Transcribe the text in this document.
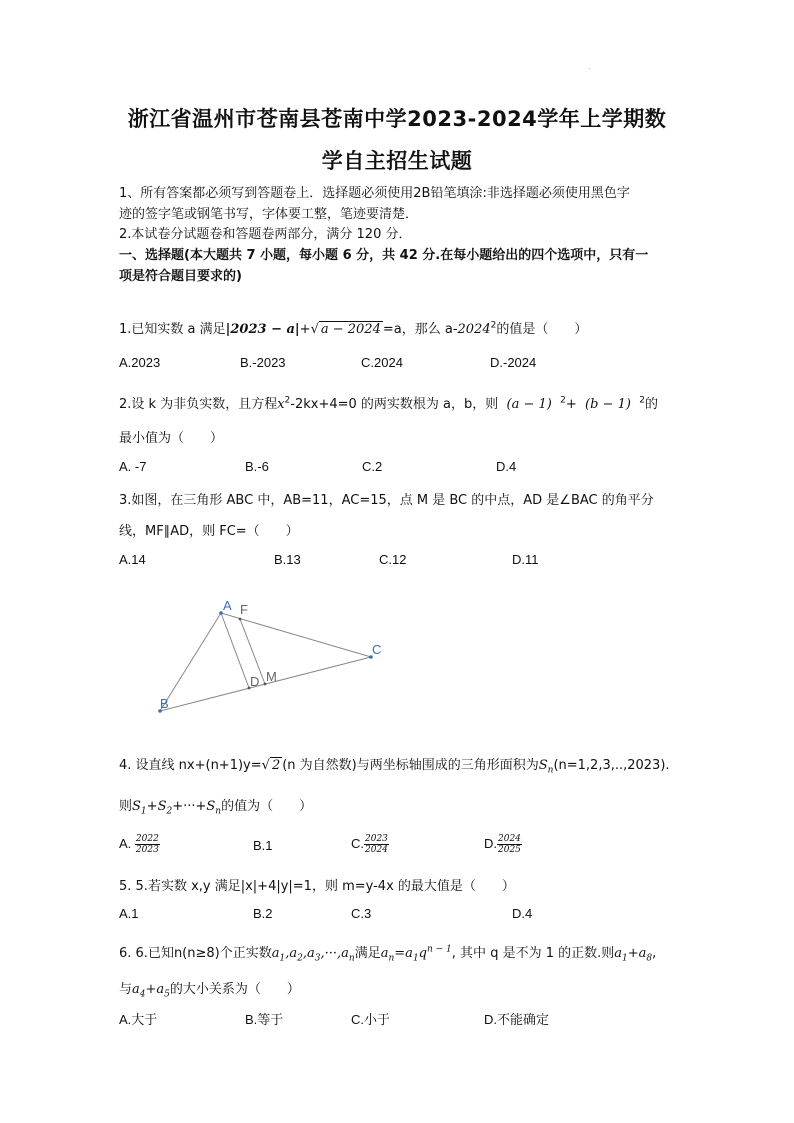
.
浙江省温州市苍南县苍南中学2023-2024学年上学期数
学自主招生试题
1、所有答案都必须写到答题卷上．选择题必须使用2B铅笔填涂:非选择题必须使用黑色字
迹的签字笔或钢笔书写，字体要工整，笔迹要清楚．
2.本试卷分试题卷和答题卷两部分，满分 120 分．
一、选择题(本大题共 7 小题，每小题 6 分，共 42 分.在每小题给出的四个选项中，只有一
项是符合题目要求的)
1.已知实数 a 满足|2023 − a|+√ a − 2024 =a，那么 a-2024$^2$的值是（　　）
A.2023	B.-2023	C.2024	D.-2024
2.设 k 为非负实数，且方程$x^2-2kx+4=0$ 的两实数根为 a，b，则 (a − 1) $^2$+ (b − 1) $^2$的
最小值为（　　）
A. -7	B.-6	C.2	D.4
3.如图，在三角形 ABC 中，AB=11，AC=15，点 M 是 BC 的中点，AD 是∠BAC 的角平分
线，MF∥AD，则 FC=（　　）
A.14	B.13	C.12	D.11
A
B
C
F
D M
4. 设直线 nx+(n+1)y=√ 2 (n 为自然数)与两坐标轴围成的三角形面积为$S_n(n=1,2,3,..,2023)$.
则$S_1+S_2+\cdot\cdot\cdot+S_n$的值为（　　）
A. $\frac{2022}{2023}$	B.1	C. $\frac{2023}{2024}$	D. $\frac{2024}{2025}$
5. 5.若实数 x,y 满足|x|+4|y|=1，则 m=y-4x 的最大值是（　　）
A.1	B.2	C.3	D.4
6. 6.已知n(n≥8)个正实数$a_1,a_2,a_3,\cdot\cdot\cdot,a_n$满足$a_n=a_1q^{n - 1}$, 其中 q 是不为 1 的正数.则$a_1+a_8$,
与$a_4+a_5$的大小关系为（　　）
A.大于	B.等于	C.小于	D.不能确定
